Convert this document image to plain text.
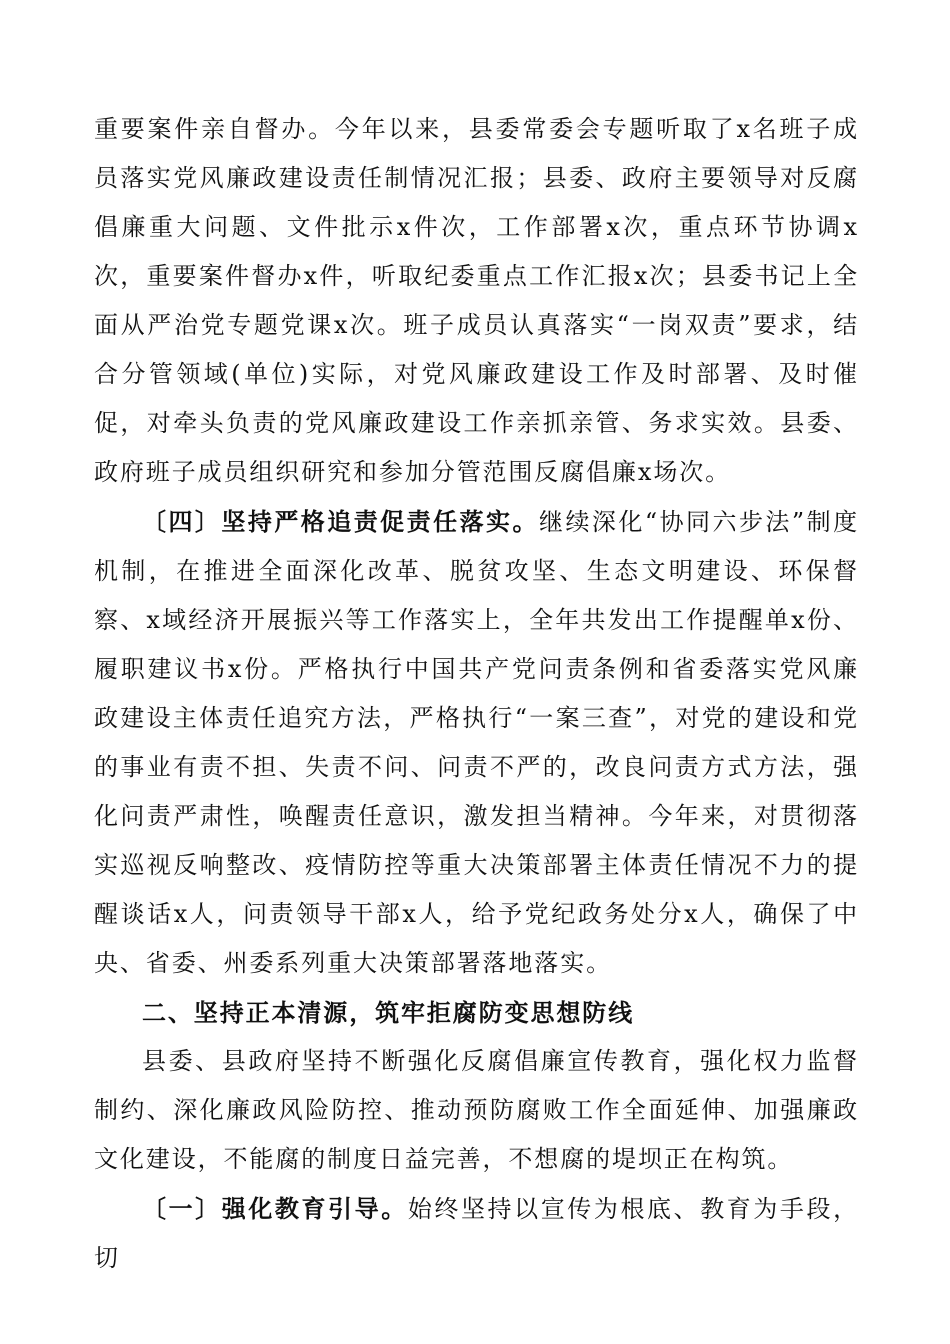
重要案件亲自督办。今年以来，县委常委会专题听取了x名班子成员落实党风廉政建设责任制情况汇报；县委、政府主要领导对反腐倡廉重大问题、文件批示x件次，工作部署x次，重点环节协调x次，重要案件督办x件，听取纪委重点工作汇报x次；县委书记上全面从严治党专题党课x次。班子成员认真落实“一岗双责”要求，结合分管领域(单位)实际，对党风廉政建设工作及时部署、及时催促，对牵头负责的党风廉政建设工作亲抓亲管、务求实效。县委、政府班子成员组织研究和参加分管范围反腐倡廉x场次。

〔四〕坚持严格追责促责任落实。继续深化“协同六步法”制度机制，在推进全面深化改革、脱贫攻坚、生态文明建设、环保督察、x域经济开展振兴等工作落实上，全年共发出工作提醒单x份、履职建议书x份。严格执行中国共产党问责条例和省委落实党风廉政建设主体责任追究方法，严格执行“一案三查”，对党的建设和党的事业有责不担、失责不问、问责不严的，改良问责方式方法，强化问责严肃性，唤醒责任意识，激发担当精神。今年来，对贯彻落实巡视反响整改、疫情防控等重大决策部署主体责任情况不力的提醒谈话x人，问责领导干部x人，给予党纪政务处分x人，确保了中央、省委、州委系列重大决策部署落地落实。

二、坚持正本清源，筑牢拒腐防变思想防线

县委、县政府坚持不断强化反腐倡廉宣传教育，强化权力监督制约、深化廉政风险防控、推动预防腐败工作全面延伸、加强廉政文化建设，不能腐的制度日益完善，不想腐的堤坝正在构筑。

〔一〕强化教育引导。始终坚持以宣传为根底、教育为手段，切
